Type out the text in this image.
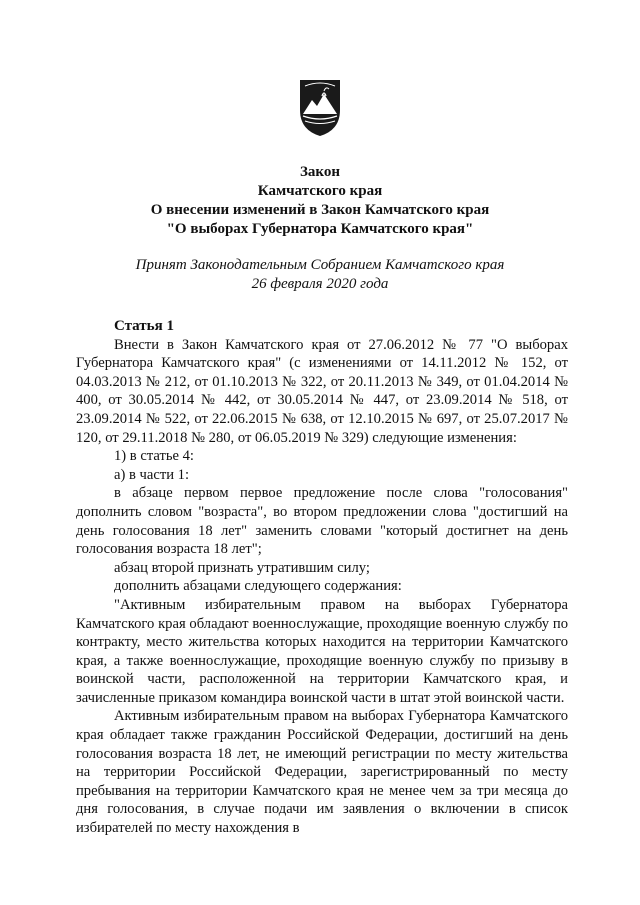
Закон
Камчатского края
О внесении изменений в Закон Камчатского края
"О выборах Губернатора Камчатского края"
Принят Законодательным Собранием Камчатского края
26 февраля 2020 года

Статья 1

Внести в Закон Камчатского края от 27.06.2012 № 77 "О выборах Губернатора Камчатского края" (с изменениями от 14.11.2012 № 152, от 04.03.2013 № 212, от 01.10.2013 № 322, от 20.11.2013 № 349, от 01.04.2014 № 400, от 30.05.2014 № 442, от 30.05.2014 № 447, от 23.09.2014 № 518, от 23.09.2014 № 522, от 22.06.2015 № 638, от 12.10.2015 № 697, от 25.07.2017 № 120, от 29.11.2018 № 280, от 06.05.2019 № 329) следующие изменения:

1) в статье 4:

а) в части 1:

в абзаце первом первое предложение после слова "голосования" дополнить словом "возраста", во втором предложении слова "достигший на день голосования 18 лет" заменить словами "который достигнет на день голосования возраста 18 лет";

абзац второй признать утратившим силу;

дополнить абзацами следующего содержания:

"Активным избирательным правом на выборах Губернатора Камчатского края обладают военнослужащие, проходящие военную службу по контракту, место жительства которых находится на территории Камчатского края, а также военнослужащие, проходящие военную службу по призыву в воинской части, расположенной на территории Камчатского края, и зачисленные приказом командира воинской части в штат этой воинской части.

Активным избирательным правом на выборах Губернатора Камчатского края обладает также гражданин Российской Федерации, достигший на день голосования возраста 18 лет, не имеющий регистрации по месту жительства на территории Российской Федерации, зарегистрированный по месту пребывания на территории Камчатского края не менее чем за три месяца до дня голосования, в случае подачи им заявления о включении в список избирателей по месту нахождения в
